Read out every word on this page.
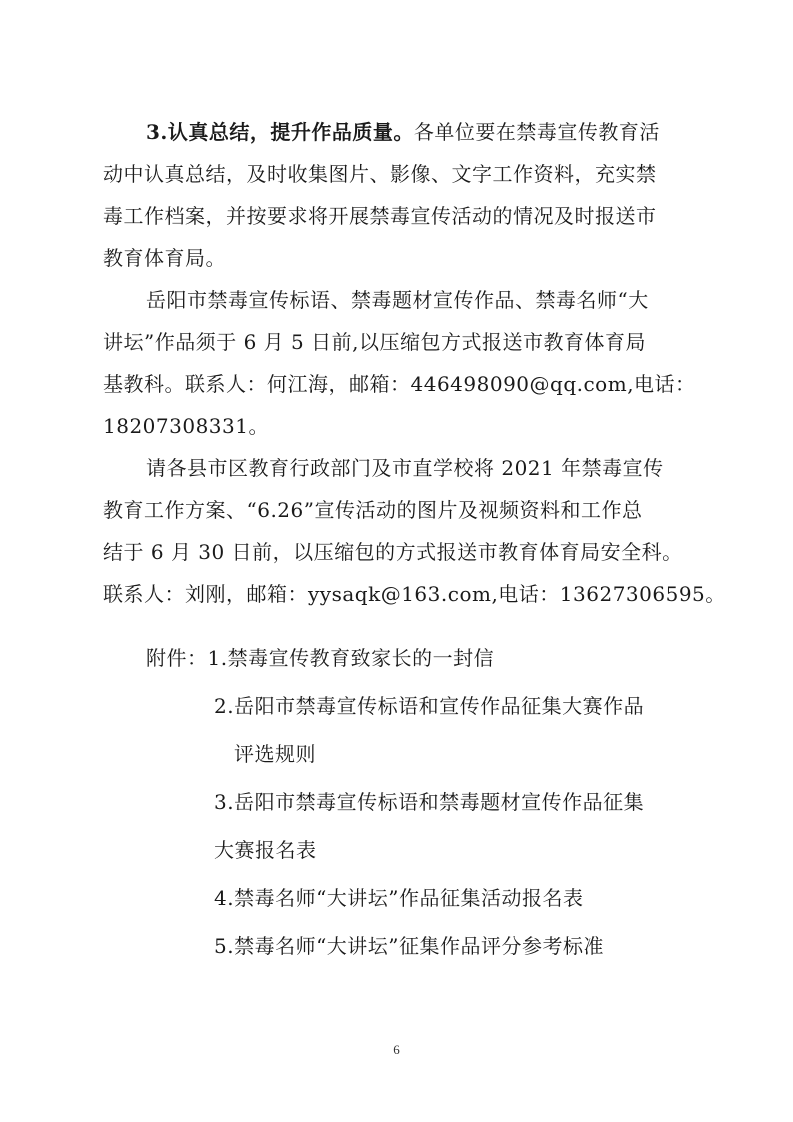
3.认真总结，提升作品质量。各单位要在禁毒宣传教育活
动中认真总结，及时收集图片、影像、文字工作资料，充实禁
毒工作档案，并按要求将开展禁毒宣传活动的情况及时报送市
教育体育局。
岳阳市禁毒宣传标语、禁毒题材宣传作品、禁毒名师“大
讲坛”作品须于 6 月 5 日前,以压缩包方式报送市教育体育局
基教科。联系人：何江海，邮箱：446498090@qq.com,电话：
18207308331。
请各县市区教育行政部门及市直学校将 2021 年禁毒宣传
教育工作方案、“6.26”宣传活动的图片及视频资料和工作总
结于 6 月 30 日前，以压缩包的方式报送市教育体育局安全科。
联系人：刘刚，邮箱：yysaqk@163.com,电话：13627306595。
附件：1.禁毒宣传教育致家长的一封信
2.岳阳市禁毒宣传标语和宣传作品征集大赛作品
评选规则
3.岳阳市禁毒宣传标语和禁毒题材宣传作品征集
大赛报名表
4.禁毒名师“大讲坛”作品征集活动报名表
5.禁毒名师“大讲坛”征集作品评分参考标准
6
